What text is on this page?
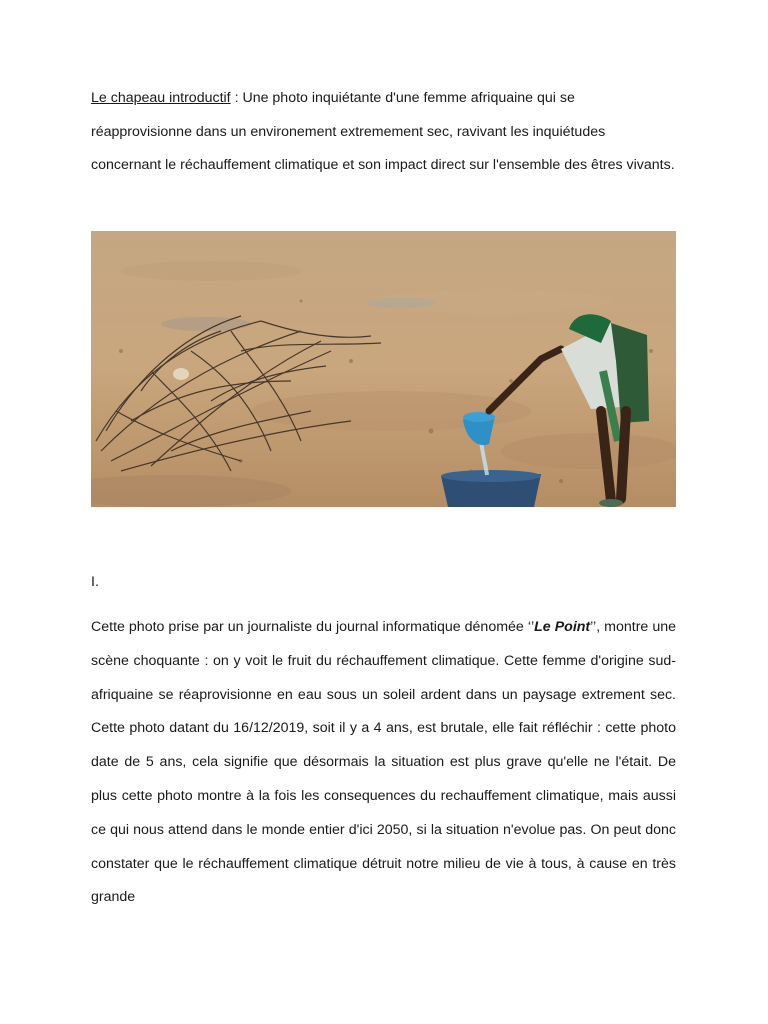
Le chapeau introductif : Une photo inquiétante d'une femme afriquaine qui se réapprovisionne dans un environement extremement sec, ravivant les inquiétudes concernant le réchauffement climatique et son impact direct sur l'ensemble des êtres vivants.

I.

Cette photo prise par un journaliste du journal informatique dénomée ‘’Le Point’’, montre une scène choquante : on y voit le fruit du réchauffement climatique. Cette femme d'origine sud-afriquaine se réaprovisionne en eau sous un soleil ardent dans un paysage extrement sec. Cette photo datant du 16/12/2019, soit il y a 4 ans, est brutale, elle fait réfléchir : cette photo date de 5 ans, cela signifie que désormais la situation est plus grave qu'elle ne l'était. De plus cette photo montre à la fois les consequences du rechauffement climatique, mais aussi ce qui nous attend dans le monde entier d'ici 2050, si la situation n'evolue pas. On peut donc constater que le réchauffement climatique détruit notre milieu de vie à tous, à cause en très grande
